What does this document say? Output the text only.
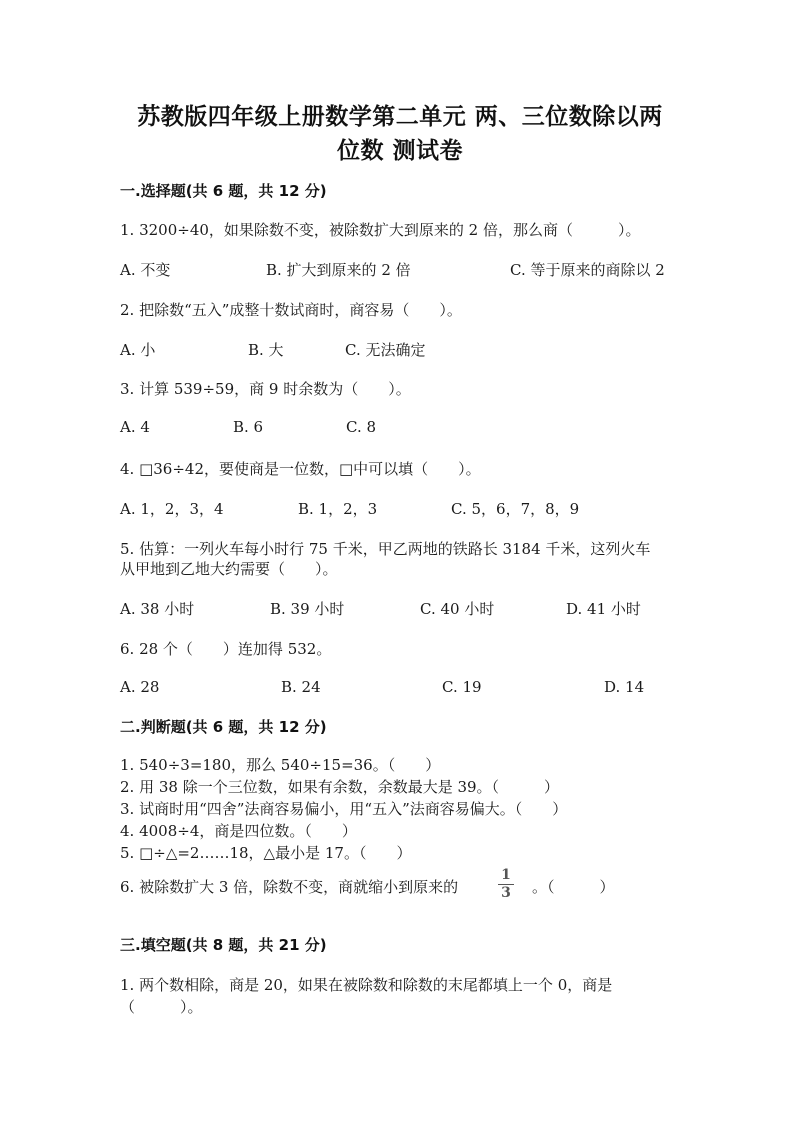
苏教版四年级上册数学第二单元 两、三位数除以两
位数 测试卷
一.选择题(共 6 题，共 12 分)
1. 3200÷40，如果除数不变，被除数扩大到原来的 2 倍，那么商（　　　）。
A. 不变	B. 扩大到原来的 2 倍	C. 等于原来的商除以 2
2. 把除数“五入”成整十数试商时，商容易（　　）。
A. 小	B. 大	C. 无法确定
3. 计算 539÷59，商 9 时余数为（　　）。
A. 4	B. 6	C. 8
4. □36÷42，要使商是一位数，□中可以填（　　）。
A. 1，2，3，4	B. 1，2，3	C. 5，6，7，8，9
5. 估算：一列火车每小时行 75 千米，甲乙两地的铁路长 3184 千米，这列火车
从甲地到乙地大约需要（　　）。
A. 38 小时	B. 39 小时	C. 40 小时	D. 41 小时
6. 28 个（　　）连加得 532。
A. 28	B. 24	C. 19	D. 14
二.判断题(共 6 题，共 12 分)
1. 540÷3=180，那么 540÷15=36。（　　）
2. 用 38 除一个三位数，如果有余数，余数最大是 39。（　　　）
3. 试商时用“四舍”法商容易偏小，用“五入”法商容易偏大。（　　）
4. 4008÷4，商是四位数。（　　）
5. □÷△=2……18，△最小是 17。（　　）
6. 被除数扩大 3 倍，除数不变，商就缩小到原来的
1
3	。（　　　）
三.填空题(共 8 题，共 21 分)
1. 两个数相除，商是 20，如果在被除数和除数的末尾都填上一个 0，商是
（　　　）。
